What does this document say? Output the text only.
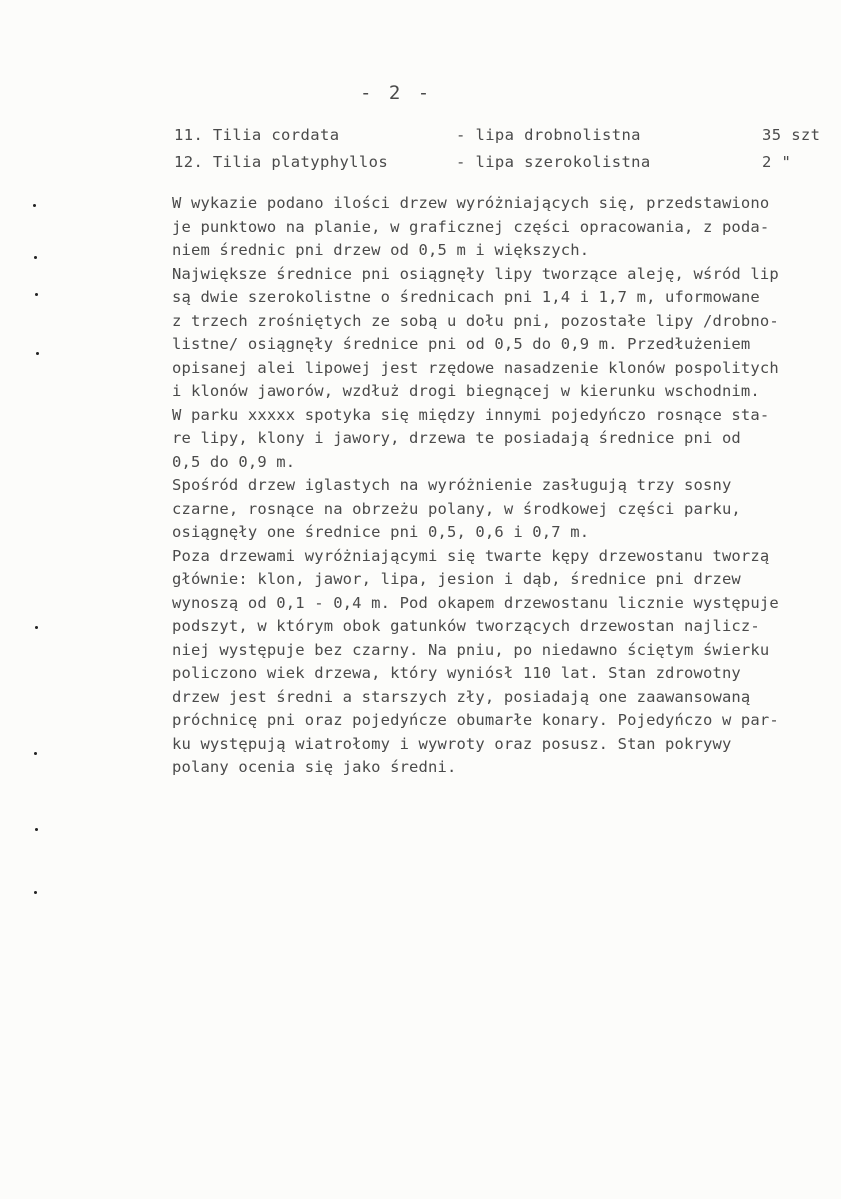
- 2 -
11. Tilia cordata	- lipa drobnolistna	35 szt
12. Tilia platyphyllos	- lipa szerokolistna	2 "
W wykazie podano ilości drzew wyróżniających się, przedstawiono
je punktowo na planie, w graficznej części opracowania, z poda-
niem średnic pni drzew od 0,5 m i większych.
Największe średnice pni osiągnęły lipy tworzące aleję, wśród lip
są dwie szerokolistne o średnicach pni 1,4 i 1,7 m, uformowane
z trzech zrośniętych ze sobą u dołu pni, pozostałe lipy /drobno-
listne/ osiągnęły średnice pni od 0,5 do 0,9 m. Przedłużeniem
opisanej alei lipowej jest rzędowe nasadzenie klonów pospolitych
i klonów jaworów, wzdłuż drogi biegnącej w kierunku wschodnim.
W parku xxxxx spotyka się między innymi pojedyńczo rosnące sta-
re lipy, klony i jawory, drzewa te posiadają średnice pni od
0,5 do 0,9 m.
Spośród drzew iglastych na wyróżnienie zasługują trzy sosny
czarne, rosnące na obrzeżu polany, w środkowej części parku,
osiągnęły one średnice pni 0,5, 0,6 i 0,7 m.
Poza drzewami wyróżniającymi się twarte kępy drzewostanu tworzą
głównie: klon, jawor, lipa, jesion i dąb, średnice pni drzew
wynoszą od 0,1 - 0,4 m. Pod okapem drzewostanu licznie występuje
podszyt, w którym obok gatunków tworzących drzewostan najlicz-
niej występuje bez czarny. Na pniu, po niedawno ściętym świerku
policzono wiek drzewa, który wyniósł 110 lat. Stan zdrowotny
drzew jest średni a starszych zły, posiadają one zaawansowaną
próchnicę pni oraz pojedyńcze obumarłe konary. Pojedyńczo w par-
ku występują wiatrołomy i wywroty oraz posusz. Stan pokrywy
polany ocenia się jako średni.
